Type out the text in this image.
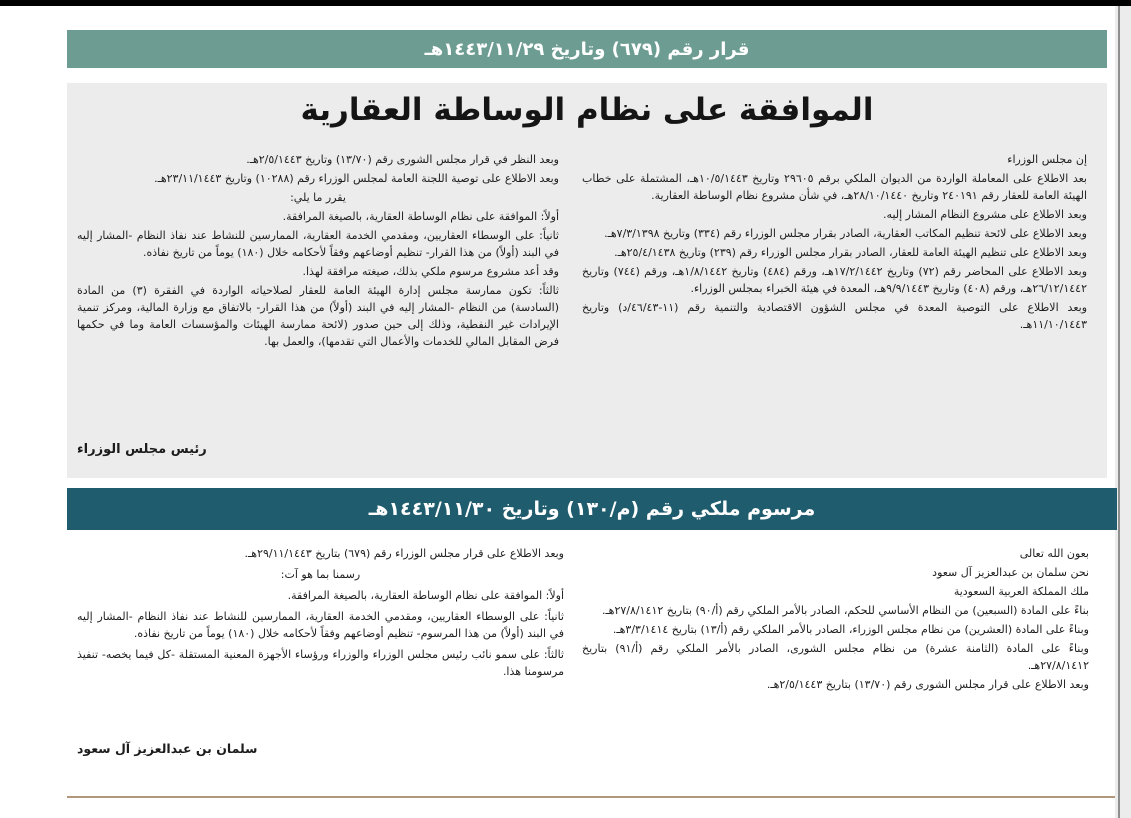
قرار رقم (٦٧٩) وتاريخ ١٤٤٣/١١/٢٩هـ
الموافقة على نظام الوساطة العقارية

إن مجلس الوزراء

بعد الاطلاع على المعاملة الواردة من الديوان الملكي برقم ٢٩٦٠٥ وتاريخ ١٠/٥/١٤٤٣هـ، المشتملة على خطاب الهيئة العامة للعقار رقم ٢٤٠١٩١ وتاريخ ٢٨/١٠/١٤٤٠هـ، في شأن مشروع نظام الوساطة العقارية.

وبعد الاطلاع على مشروع النظام المشار إليه.

وبعد الاطلاع على لائحة تنظيم المكاتب العقارية، الصادر بقرار مجلس الوزراء رقم (٣٣٤) وتاريخ ٧/٣/١٣٩٨هـ.

وبعد الاطلاع على تنظيم الهيئة العامة للعقار، الصادر بقرار مجلس الوزراء رقم (٢٣٩) وتاريخ ٢٥/٤/١٤٣٨هـ.

وبعد الاطلاع على المحاضر رقم (٧٢) وتاريخ ١٧/٢/١٤٤٢هـ، ورقم (٤٨٤) وتاريخ ١/٨/١٤٤٢هـ، ورقم (٧٤٤) وتاريخ ٢٦/١٢/١٤٤٢هـ، ورقم (٤٠٨) وتاريخ ٩/٩/١٤٤٣هـ، المعدة في هيئة الخبراء بمجلس الوزراء.

وبعد الاطلاع على التوصية المعدة في مجلس الشؤون الاقتصادية والتنمية رقم (١١-٤٦/٤٣/د) وتاريخ ١١/١٠/١٤٤٣هـ.

وبعد النظر في قرار مجلس الشورى رقم (١٣/٧٠) وتاريخ ٢/٥/١٤٤٣هـ.

وبعد الاطلاع على توصية اللجنة العامة لمجلس الوزراء رقم (١٠٢٨٨) وتاريخ ٢٣/١١/١٤٤٣هـ.

يقرر ما يلي:

أولاً: الموافقة على نظام الوساطة العقارية، بالصيغة المرافقة.

ثانياً: على الوسطاء العقاريين، ومقدمي الخدمة العقارية، الممارسين للنشاط عند نفاذ النظام -المشار إليه في البند (أولاً) من هذا القرار- تنظيم أوضاعهم وفقاً لأحكامه خلال (١٨٠) يوماً من تاريخ نفاذه.

وقد أعد مشروع مرسوم ملكي بذلك، صيغته مرافقة لهذا.

ثالثاً: تكون ممارسة مجلس إدارة الهيئة العامة للعقار لصلاحياته الواردة في الفقرة (٣) من المادة (السادسة) من النظام -المشار إليه في البند (أولاً) من هذا القرار- بالاتفاق مع وزارة المالية، ومركز تنمية الإيرادات غير النفطية، وذلك إلى حين صدور (لائحة ممارسة الهيئات والمؤسسات العامة وما في حكمها فرض المقابل المالي للخدمات والأعمال التي تقدمها)، والعمل بها.

رئيس مجلس الوزراء
مرسوم ملكي رقم (م/١٣٠) وتاريخ ١٤٤٣/١١/٣٠هـ

بعون الله تعالى

نحن سلمان بن عبدالعزيز آل سعود

ملك المملكة العربية السعودية

بناءً على المادة (السبعين) من النظام الأساسي للحكم، الصادر بالأمر الملكي رقم (أ/٩٠) بتاريخ ٢٧/٨/١٤١٢هـ.

وبناءً على المادة (العشرين) من نظام مجلس الوزراء، الصادر بالأمر الملكي رقم (أ/١٣) بتاريخ ٣/٣/١٤١٤هـ.

وبناءً على المادة (الثامنة عشرة) من نظام مجلس الشورى، الصادر بالأمر الملكي رقم (أ/٩١) بتاريخ ٢٧/٨/١٤١٢هـ.

وبعد الاطلاع على قرار مجلس الشورى رقم (١٣/٧٠) بتاريخ ٢/٥/١٤٤٣هـ.

وبعد الاطلاع على قرار مجلس الوزراء رقم (٦٧٩) بتاريخ ٢٩/١١/١٤٤٣هـ.

رسمنا بما هو آت:

أولاً: الموافقة على نظام الوساطة العقارية، بالصيغة المرافقة.

ثانياً: على الوسطاء العقاريين، ومقدمي الخدمة العقارية، الممارسين للنشاط عند نفاذ النظام -المشار إليه في البند (أولاً) من هذا المرسوم- تنظيم أوضاعهم وفقاً لأحكامه خلال (١٨٠) يوماً من تاريخ نفاذه.

ثالثاً: على سمو نائب رئيس مجلس الوزراء والوزراء ورؤساء الأجهزة المعنية المستقلة -كل فيما يخصه- تنفيذ مرسومنا هذا.

سلمان بن عبدالعزيز آل سعود
